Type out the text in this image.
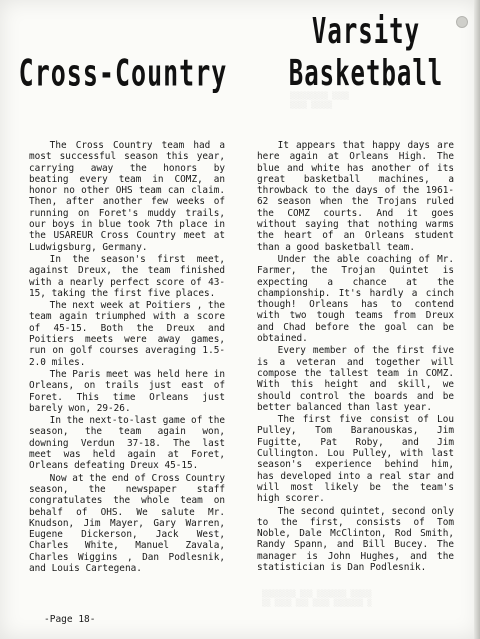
▒▒▒▒▒▒▒▒ ▒▒▒ ▒▒▒▒▒▒▒ ▒▒▒▒▒
▒▒ ▒▒▒▒ ▒▒▒ ▒▒▒▒ ▒▒▒▒▒▒▒ ▒
▒▒▒▒▒▒▒▒▒ ▒▒▒▒
▒▒▒▒ ▒▒▒▒▒
Cross-Country
Varsity
Basketball

The Cross Country team had a most successful season this year, carrying away the honors by beating every team in COMZ, an honor no other OHS team can claim. Then, after another few weeks of running on Foret's muddy trails, our boys in blue took 7th place in the USAREUR Cross Country meet at Ludwigsburg, Germany.

In the season's first meet, against Dreux, the team finished with a nearly perfect score of 43-15, taking the first five places.

The next week at Poitiers , the team again triumphed with a score of 45-15. Both the Dreux and Poitiers meets were away games, run on golf courses averaging 1.5-2.0 miles.

The Paris meet was held here in Orleans, on trails just east of Foret. This time Orleans just barely won, 29-26.

In the next-to-last game of the season, the team again won, downing Verdun 37-18. The last meet was held again at Foret, Orleans defeating Dreux 45-15.

Now at the end of Cross Country season, the newspaper staff congratulates the whole team on behalf of OHS. We salute Mr. Knudson, Jim Mayer, Gary Warren, Eugene Dickerson, Jack West, Charles White, Manuel Zavala, Charles Wiggins , Dan Podlesnik, and Louis Cartegena.

It appears that happy days are here again at Orleans High. The blue and white has another of its great basketball machines, a throwback to the days of the 1961-62 season when the Trojans ruled the COMZ courts. And it goes without saying that nothing warms the heart of an Orleans student than a good basketball team.

Under the able coaching of Mr. Farmer, the Trojan Quintet is expecting a chance at the championship. It's hardly a cinch though! Orleans has to contend with two tough teams from Dreux and Chad before the goal can be obtained.

Every member of the first five is a veteran and together will compose the tallest team in COMZ. With this height and skill, we should control the boards and be better balanced than last year.

The first five consist of Lou Pulley, Tom Baranouskas, Jim Fugitte, Pat Roby, and Jim Cullington. Lou Pulley, with last season's experience behind him, has developed into a real star and will most likely be the team's high scorer.

The second quintet, second only to the first, consists of Tom Noble, Dale McClinton, Rod Smith, Randy Spann, and Bill Bucey. The manager is John Hughes, and the statistician is Dan Podlesnik.

-Page 18-
